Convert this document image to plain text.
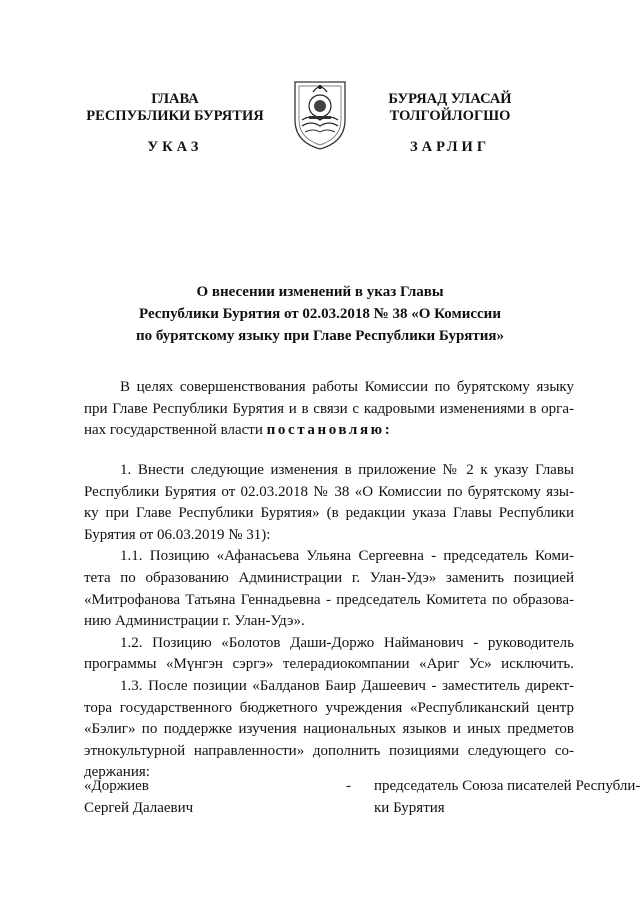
ГЛАВА
РЕСПУБЛИКИ БУРЯТИЯ
БУРЯАД УЛАСАЙ
ТОЛГОЙЛОГШО
УКАЗ	ЗАРЛИГ
О внесении изменений в указ Главы
Республики Бурятия от 02.03.2018 № 38 «О Комиссии
по бурятскому языку при Главе Республики Бурятия»
В целях совершенствования работы Комиссии по бурятскому языку
при Главе Республики Бурятия и в связи с кадровыми изменениями в орга-
нах государственной власти постановляю:
1. Внести следующие изменения в приложение № 2 к указу Главы
Республики Бурятия от 02.03.2018 № 38 «О Комиссии по бурятскому язы-
ку при Главе Республики Бурятия» (в редакции указа Главы Республики
Бурятия от 06.03.2019 № 31):
1.1. Позицию «Афанасьева Ульяна Сергеевна - председатель Коми-
тета по образованию Администрации г. Улан-Удэ» заменить позицией
«Митрофанова Татьяна Геннадьевна - председатель Комитета по образова-
нию Администрации г. Улан-Удэ».
1.2. Позицию «Болотов Даши-Доржо Найманович - руководитель
программы «Мүнгэн сэргэ» телерадиокомпании «Ариг Ус» исключить.
1.3. После позиции «Балданов Баир Дашеевич - заместитель директ-
тора государственного бюджетного учреждения «Республиканский центр
«Бэлиг» по поддержке изучения национальных языков и иных предметов
этнокультурной направленности» дополнить позициями следующего со-
держания:
«Доржиев
Сергей Далаевич
- председатель Союза писателей Республи-
ки Бурятия
